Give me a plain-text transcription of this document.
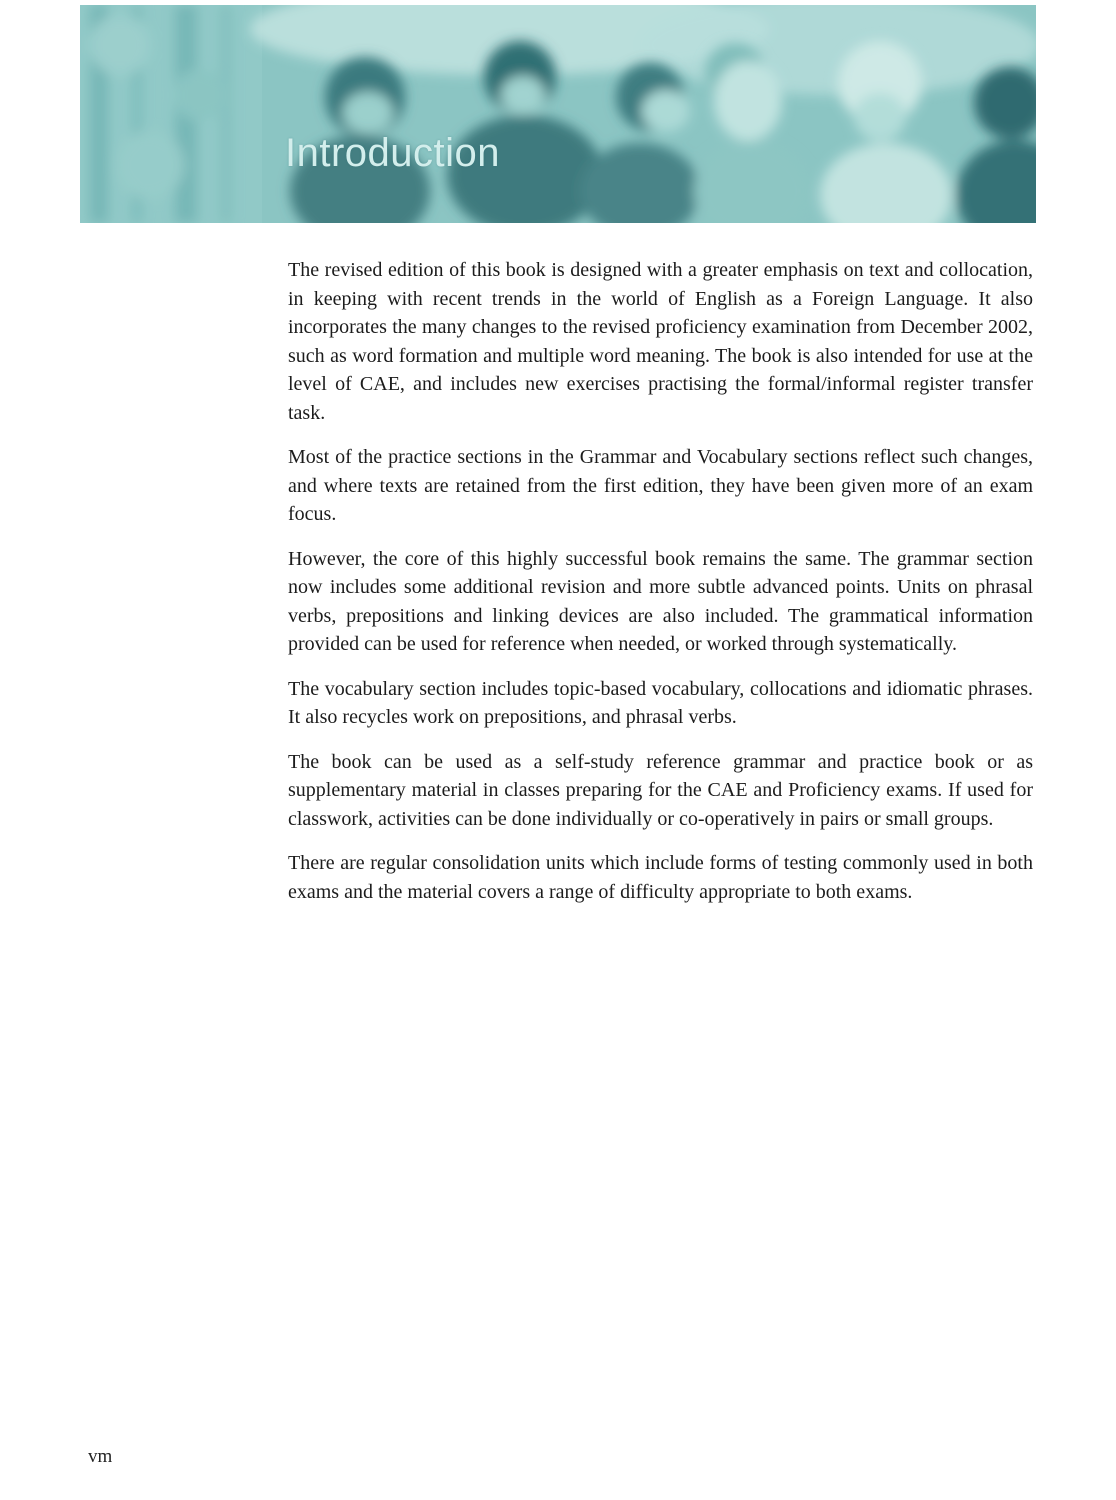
Introduction

The revised edition of this book is designed with a greater emphasis on text and collocation, in keeping with recent trends in the world of English as a Foreign Language. It also incorporates the many changes to the revised proficiency examination from December 2002, such as word formation and multiple word meaning. The book is also intended for use at the level of CAE, and includes new exercises practising the formal/informal register transfer task.

Most of the practice sections in the Grammar and Vocabulary sections reflect such changes, and where texts are retained from the first edition, they have been given more of an exam focus.

However, the core of this highly successful book remains the same. The grammar section now includes some additional revision and more subtle advanced points. Units on phrasal verbs, prepositions and linking devices are also included. The grammatical information provided can be used for reference when needed, or worked through systematically.

The vocabulary section includes topic-based vocabulary, collocations and idiomatic phrases. It also recycles work on prepositions, and phrasal verbs.

The book can be used as a self-study reference grammar and practice book or as supplementary material in classes preparing for the CAE and Proficiency exams. If used for classwork, activities can be done individually or co-operatively in pairs or small groups.

There are regular consolidation units which include forms of testing commonly used in both exams and the material covers a range of difficulty appropriate to both exams.

vm
